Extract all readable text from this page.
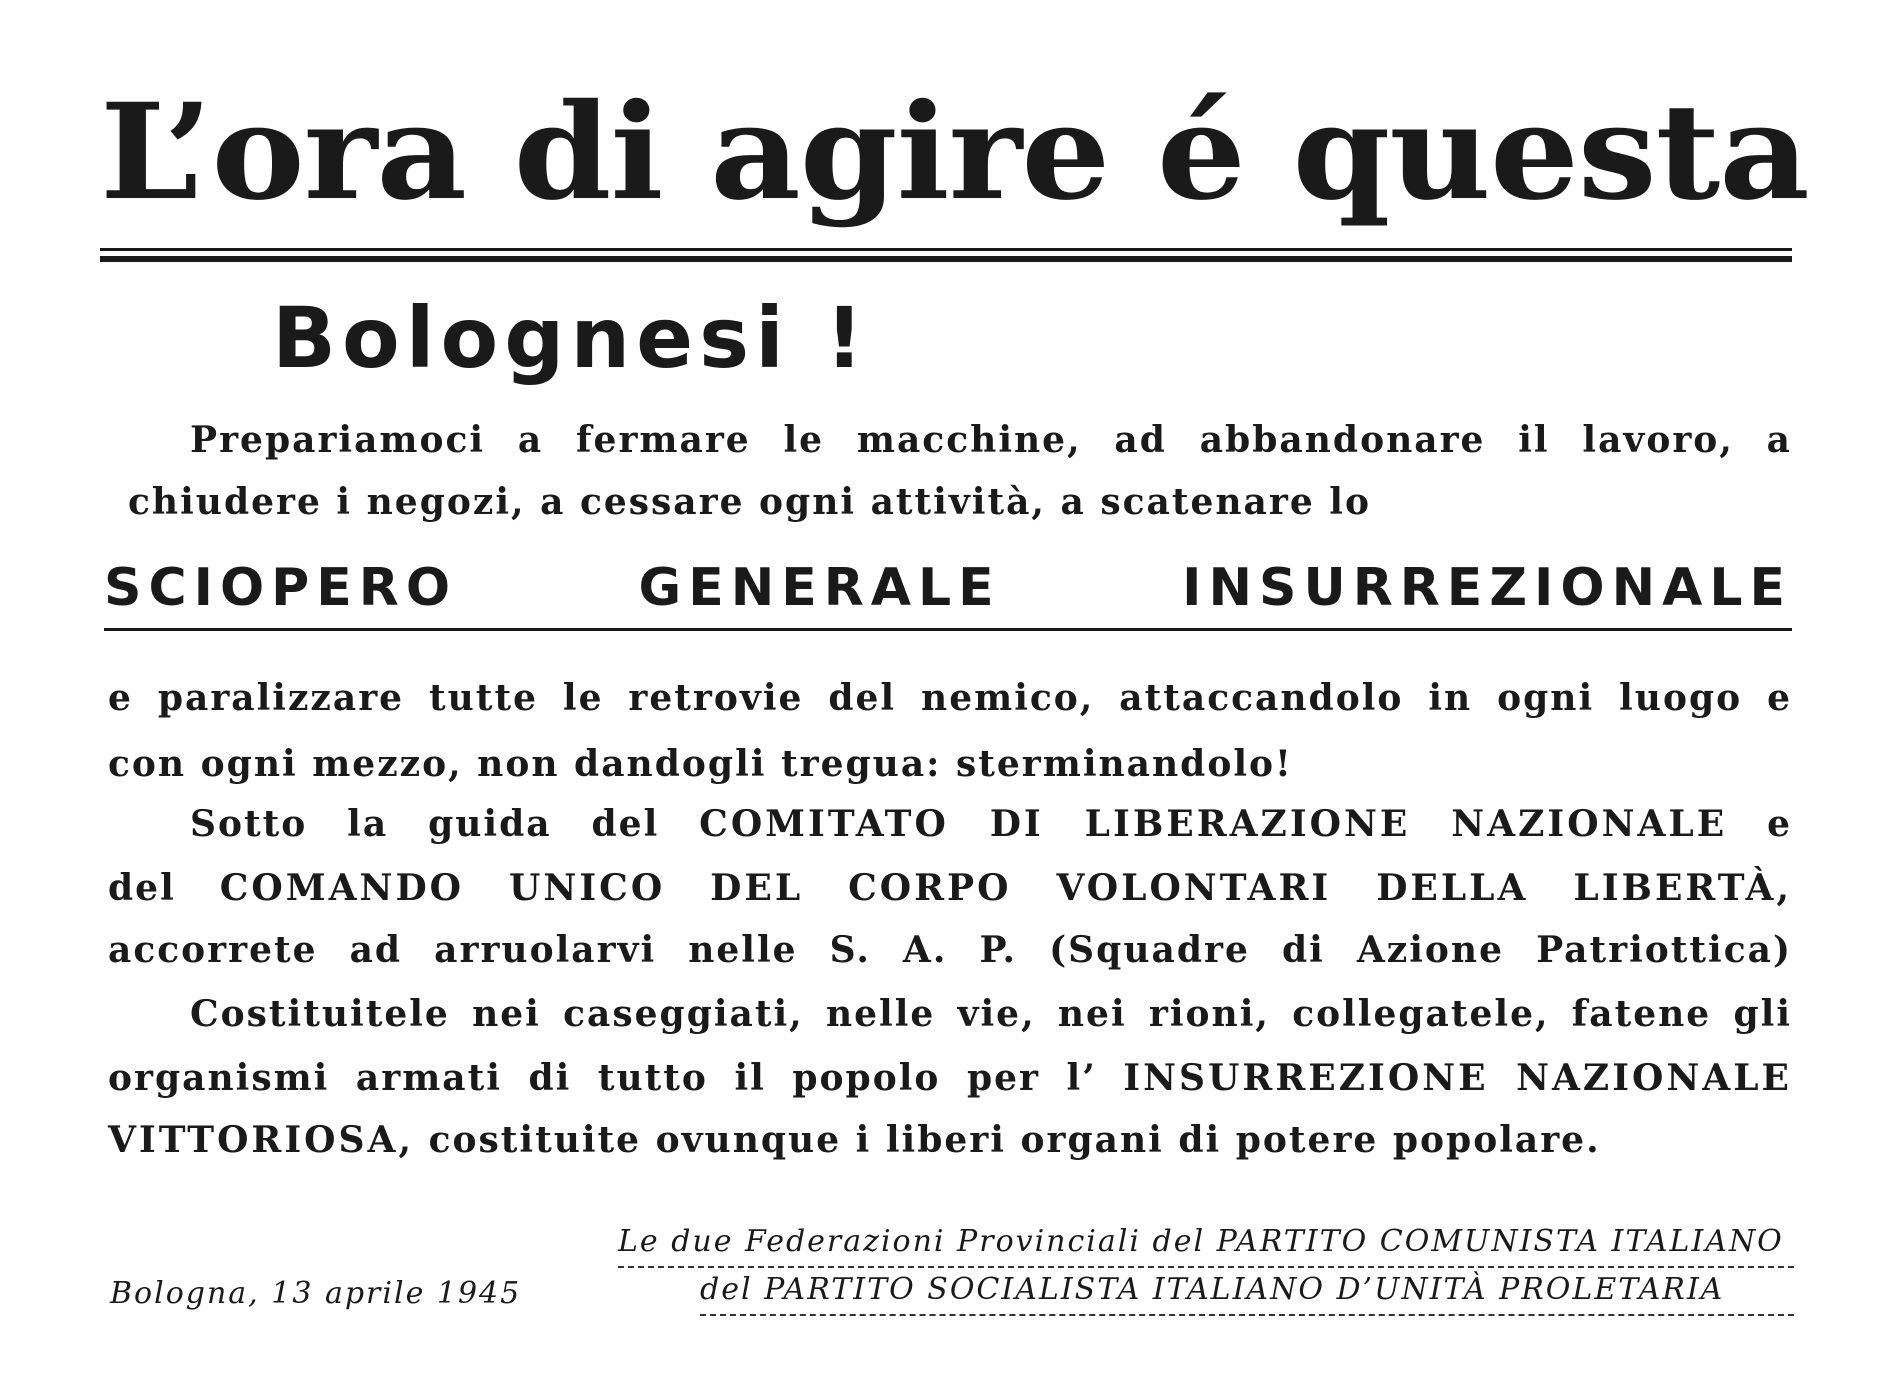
L’ora di agire é questa
Bolognesi !
Prepariamoci a fermare le macchine, ad abbandonare il lavoro, a
chiudere i negozi, a cessare ogni attività, a scatenare lo
SCIOPERO GENERALE INSURREZIONALE
e paralizzare tutte le retrovie del nemico, attaccandolo in ogni luogo e
con ogni mezzo, non dandogli tregua: sterminandolo!
Sotto la guida del COMITATO DI LIBERAZIONE NAZIONALE e
del COMANDO UNICO DEL CORPO VOLONTARI DELLA LIBERTÀ,
accorrete ad arruolarvi nelle S. A. P. (Squadre di Azione Patriottica)
Costituitele nei caseggiati, nelle vie, nei rioni, collegatele, fatene gli
organismi armati di tutto il popolo per l’ INSURREZIONE NAZIONALE
VITTORIOSA, costituite ovunque i liberi organi di potere popolare.
Bologna, 13 aprile 1945
Le due Federazioni Provinciali del PARTITO COMUNISTA ITALIANO
del PARTITO SOCIALISTA ITALIANO D’UNITÀ PROLETARIA
